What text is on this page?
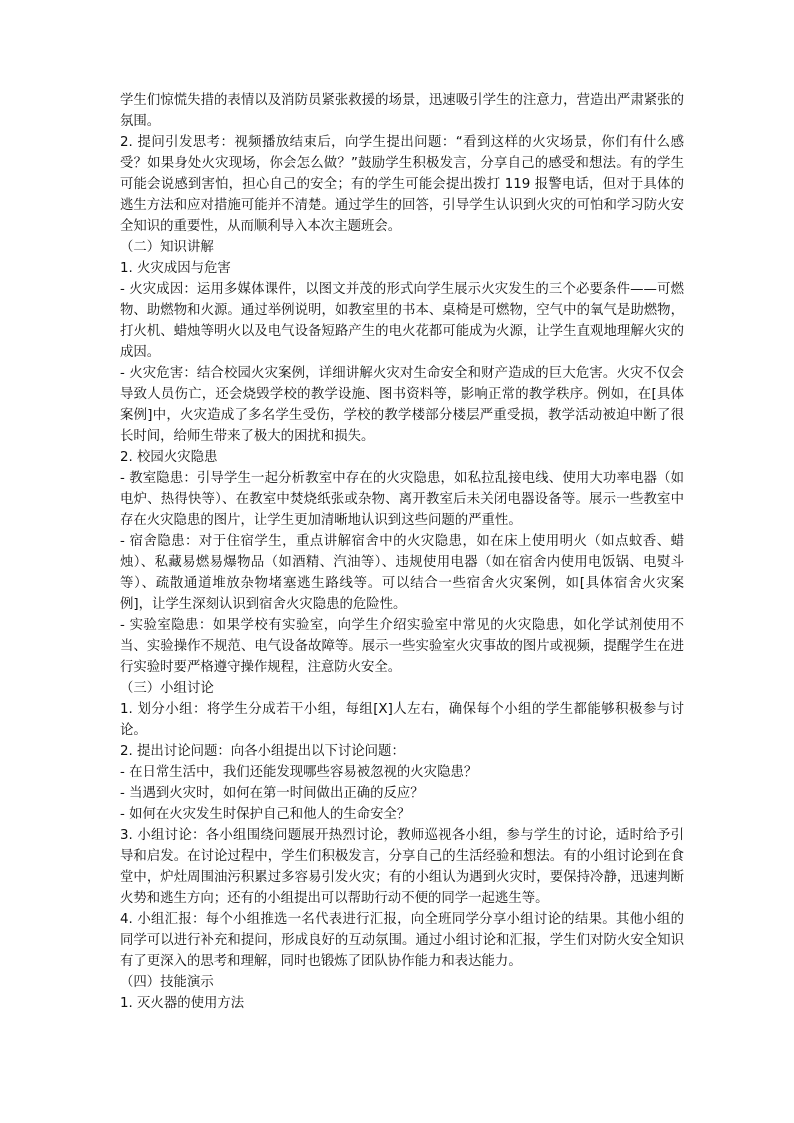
学生们惊慌失措的表情以及消防员紧张救援的场景，迅速吸引学生的注意力，营造出严肃紧张的氛围。

2. 提问引发思考：视频播放结束后，向学生提出问题：“看到这样的火灾场景，你们有什么感受？如果身处火灾现场，你会怎么做？”鼓励学生积极发言，分享自己的感受和想法。有的学生可能会说感到害怕，担心自己的安全；有的学生可能会提出拨打 119 报警电话，但对于具体的逃生方法和应对措施可能并不清楚。通过学生的回答，引导学生认识到火灾的可怕和学习防火安全知识的重要性，从而顺利导入本次主题班会。

（二）知识讲解

1. 火灾成因与危害

- 火灾成因：运用多媒体课件，以图文并茂的形式向学生展示火灾发生的三个必要条件——可燃物、助燃物和火源。通过举例说明，如教室里的书本、桌椅是可燃物，空气中的氧气是助燃物，打火机、蜡烛等明火以及电气设备短路产生的电火花都可能成为火源，让学生直观地理解火灾的成因。

- 火灾危害：结合校园火灾案例，详细讲解火灾对生命安全和财产造成的巨大危害。火灾不仅会导致人员伤亡，还会烧毁学校的教学设施、图书资料等，影响正常的教学秩序。例如，在[具体案例]中，火灾造成了多名学生受伤，学校的教学楼部分楼层严重受损，教学活动被迫中断了很长时间，给师生带来了极大的困扰和损失。

2. 校园火灾隐患

- 教室隐患：引导学生一起分析教室中存在的火灾隐患，如私拉乱接电线、使用大功率电器（如电炉、热得快等）、在教室中焚烧纸张或杂物、离开教室后未关闭电器设备等。展示一些教室中存在火灾隐患的图片，让学生更加清晰地认识到这些问题的严重性。

- 宿舍隐患：对于住宿学生，重点讲解宿舍中的火灾隐患，如在床上使用明火（如点蚊香、蜡烛）、私藏易燃易爆物品（如酒精、汽油等）、违规使用电器（如在宿舍内使用电饭锅、电熨斗等）、疏散通道堆放杂物堵塞逃生路线等。可以结合一些宿舍火灾案例，如[具体宿舍火灾案例]，让学生深刻认识到宿舍火灾隐患的危险性。

- 实验室隐患：如果学校有实验室，向学生介绍实验室中常见的火灾隐患，如化学试剂使用不当、实验操作不规范、电气设备故障等。展示一些实验室火灾事故的图片或视频，提醒学生在进行实验时要严格遵守操作规程，注意防火安全。

（三）小组讨论

1. 划分小组：将学生分成若干小组，每组[X]人左右，确保每个小组的学生都能够积极参与讨论。

2. 提出讨论问题：向各小组提出以下讨论问题：

- 在日常生活中，我们还能发现哪些容易被忽视的火灾隐患？

- 当遇到火灾时，如何在第一时间做出正确的反应？

- 如何在火灾发生时保护自己和他人的生命安全？

3. 小组讨论：各小组围绕问题展开热烈讨论，教师巡视各小组，参与学生的讨论，适时给予引导和启发。在讨论过程中，学生们积极发言，分享自己的生活经验和想法。有的小组讨论到在食堂中，炉灶周围油污积累过多容易引发火灾；有的小组认为遇到火灾时，要保持冷静，迅速判断火势和逃生方向；还有的小组提出可以帮助行动不便的同学一起逃生等。

4. 小组汇报：每个小组推选一名代表进行汇报，向全班同学分享小组讨论的结果。其他小组的同学可以进行补充和提问，形成良好的互动氛围。通过小组讨论和汇报，学生们对防火安全知识有了更深入的思考和理解，同时也锻炼了团队协作能力和表达能力。

（四）技能演示

1. 灭火器的使用方法
